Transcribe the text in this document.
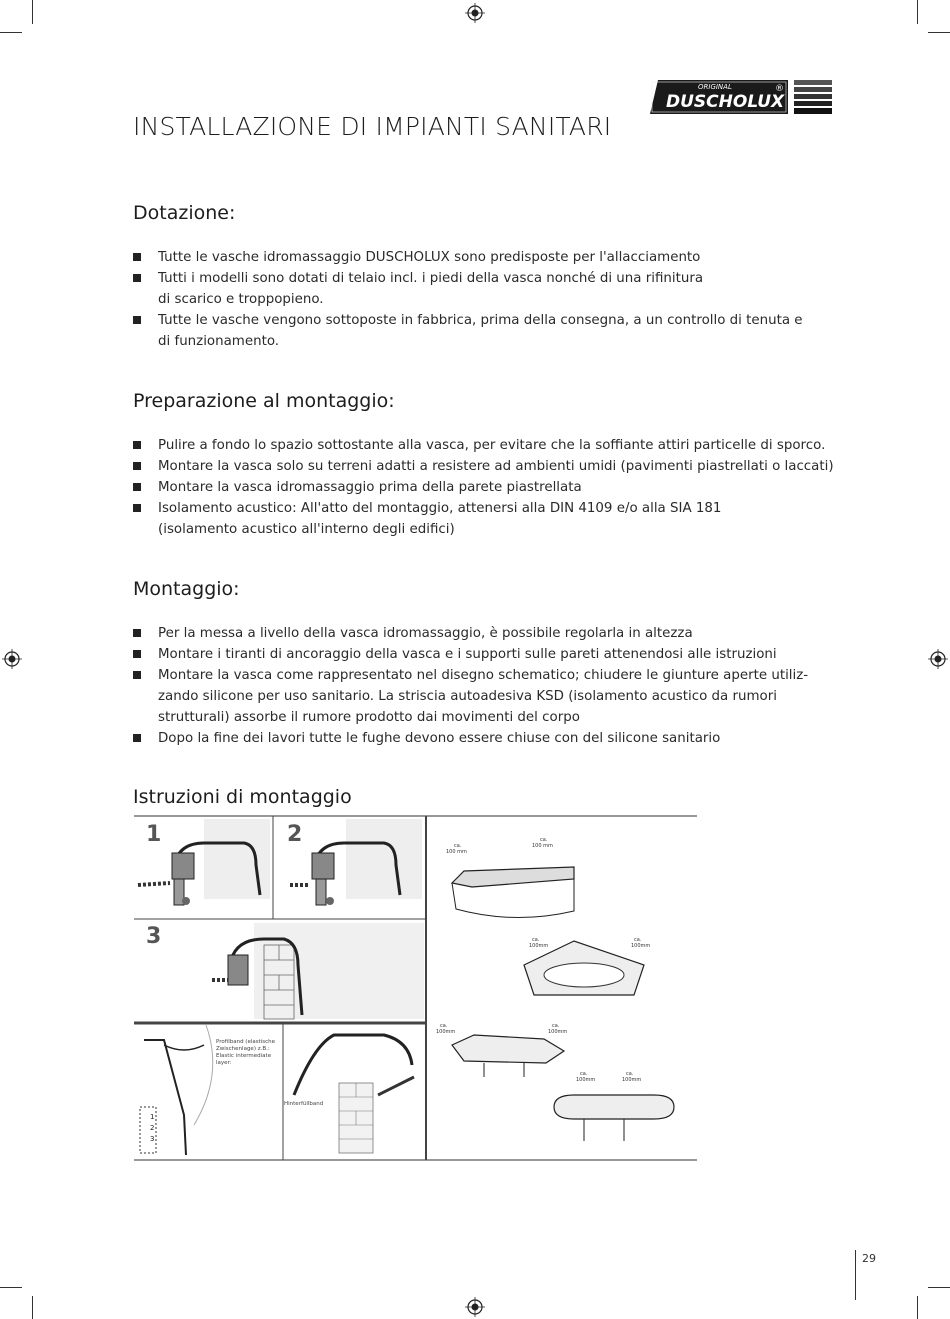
ORIGINAL
DUSCHOLUX
®
INSTALLAZIONE DI IMPIANTI SANITARI
Dotazione:
Tutte le vasche idromassaggio DUSCHOLUX sono predisposte per l'allacciamento
Tutti i modelli sono dotati di telaio incl. i piedi della vasca nonché di una rifinitura
di scarico e troppopieno.
Tutte le vasche vengono sottoposte in fabbrica, prima della consegna, a un controllo di tenuta e
di funzionamento.
Preparazione al montaggio:
Pulire a fondo lo spazio sottostante alla vasca, per evitare che la soffiante attiri particelle di sporco.
Montare la vasca solo su terreni adatti a resistere ad ambienti umidi (pavimenti piastrellati o laccati)
Montare la vasca idromassaggio prima della parete piastrellata
Isolamento acustico: All'atto del montaggio, attenersi alla DIN 4109 e/o alla SIA 181
(isolamento acustico all'interno degli edifici)
Montaggio:
Per la messa a livello della vasca idromassaggio, è possibile regolarla in altezza
Montare i tiranti di ancoraggio della vasca e i supporti sulle pareti attenendosi alle istruzioni
Montare la vasca come rappresentato nel disegno schematico; chiudere le giunture aperte utiliz-
zando silicone per uso sanitario. La striscia autoadesiva KSD (isolamento acustico da rumori
strutturali) assorbe il rumore prodotto dai movimenti del corpo
Dopo la fine dei lavori tutte le fughe devono essere chiuse con del silicone sanitario
Istruzioni di montaggio
1	2
3
Profilband (elastische
Zwischenlage) z.B.:
Elastic intermediate
layer:
1
2
3
Hinterfüllband
ca.
100 mm
ca.
100 mm
ca.
100mm
ca.
100mm
ca.
100mm
ca.
100mm
ca.
100mm
ca.
100mm
29
